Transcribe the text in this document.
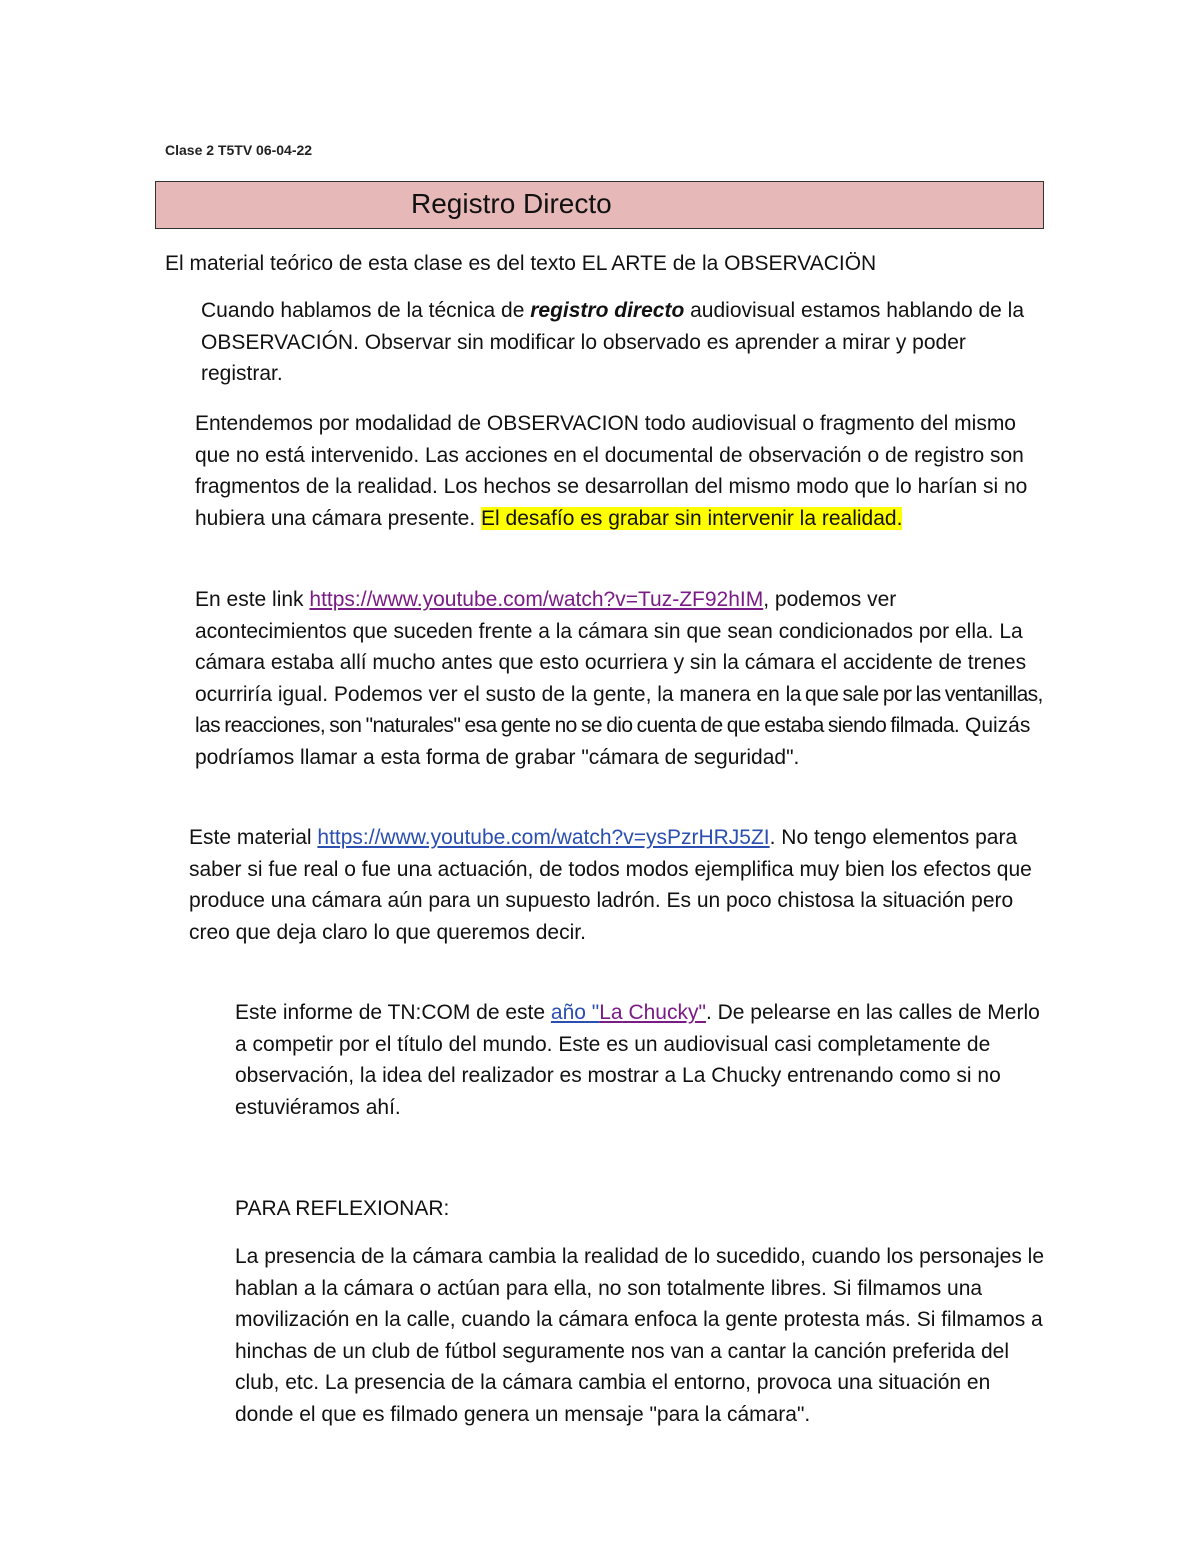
Clase 2 T5TV 06-04-22
Registro Directo

El material teórico de esta clase es del texto EL ARTE de la OBSERVACIÖN

Cuando hablamos de la técnica de registro directo audiovisual estamos hablando de la OBSERVACIÓN. Observar sin modificar lo observado es aprender a mirar y poder registrar.

Entendemos por modalidad de OBSERVACION todo audiovisual o fragmento del mismo que no está intervenido. Las acciones en el documental de observación o de registro son fragmentos de la realidad. Los hechos se desarrollan del mismo modo que lo harían si no hubiera una cámara presente. El desafío es grabar sin intervenir la realidad.

En este link https://www.youtube.com/watch?v=Tuz-ZF92hIM, podemos ver acontecimientos que suceden frente a la cámara sin que sean condicionados por ella. La cámara estaba allí mucho antes que esto ocurriera y sin la cámara el accidente de trenes ocurriría igual. Podemos ver el susto de la gente, la manera en la que sale por las ventanillas, las reacciones, son "naturales" esa gente no se dio cuenta de que estaba siendo filmada. Quizás podríamos llamar a esta forma de grabar "cámara de seguridad".

Este material https://www.youtube.com/watch?v=ysPzrHRJ5ZI. No tengo elementos para saber si fue real o fue una actuación, de todos modos ejemplifica muy bien los efectos que produce una cámara aún para un supuesto ladrón. Es un poco chistosa la situación pero creo que deja claro lo que queremos decir.

Este informe de TN:COM de este año "La Chucky". De pelearse en las calles de Merlo a competir por el título del mundo. Este es un audiovisual casi completamente de observación, la idea del realizador es mostrar a La Chucky entrenando como si no estuviéramos ahí.

PARA REFLEXIONAR:

La presencia de la cámara cambia la realidad de lo sucedido, cuando los personajes le hablan a la cámara o actúan para ella, no son totalmente libres. Si filmamos una movilización en la calle, cuando la cámara enfoca la gente protesta más. Si filmamos a hinchas de un club de fútbol seguramente nos van a cantar la canción preferida del club, etc. La presencia de la cámara cambia el entorno, provoca una situación en donde el que es filmado genera un mensaje "para la cámara".
